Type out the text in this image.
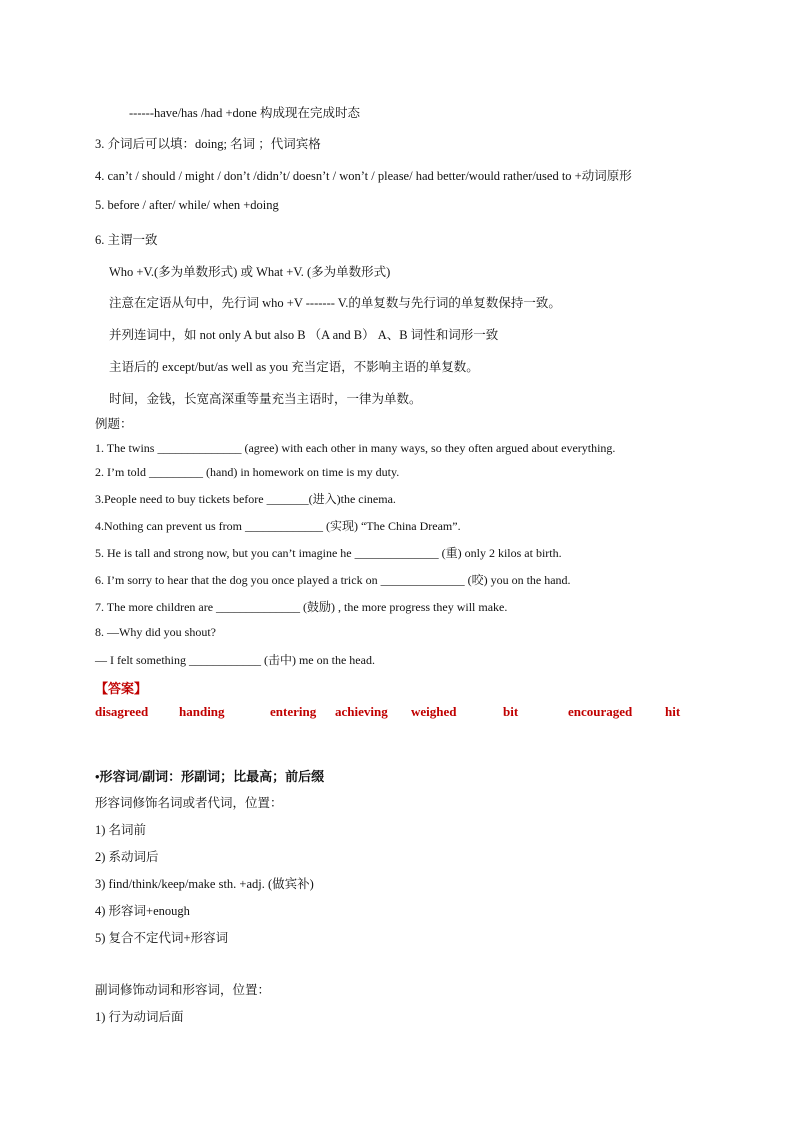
------have/has /had +done 构成现在完成时态
3. 介词后可以填：doing; 名词 ；代词宾格
4. can’t / should / might / don’t /didn’t/ doesn’t / won’t / please/ had better/would rather/used to +动词原形
5. before / after/ while/ when +doing
6. 主谓一致
Who +V.(多为单数形式) 或 What +V. (多为单数形式)
注意在定语从句中，先行词 who +V ------- V.的单复数与先行词的单复数保持一致。
并列连词中，如 not only A but also B （A and B） A、B 词性和词形一致
主语后的 except/but/as well as you 充当定语，不影响主语的单复数。
时间，金钱，长宽高深重等量充当主语时，一律为单数。
例题：
1. The twins ______________ (agree) with each other in many ways, so they often argued about everything.
2. I’m told _________ (hand) in homework on time is my duty.
3.People need to buy tickets before _______(进入)the cinema.
4.Nothing can prevent us from _____________ (实现) “The China Dream”.
5. He is tall and strong now, but you can’t imagine he ______________ (重) only 2 kilos at birth.
6. I’m sorry to hear that the dog you once played a trick on ______________ (咬) you on the hand.
7. The more children are ______________ (鼓励) , the more progress they will make.
8. —Why did you shout?
— I felt something ____________ (击中) me on the head.
【答案】
disagreed handing	entering achieving weighed	bit	encouraged	hit
•形容词/副词：形副词；比最高；前后缀
形容词修饰名词或者代词，位置：
1) 名词前
2) 系动词后
3) find/think/keep/make sth. +adj. (做宾补)
4) 形容词+enough
5) 复合不定代词+形容词
副词修饰动词和形容词，位置：
1) 行为动词后面
